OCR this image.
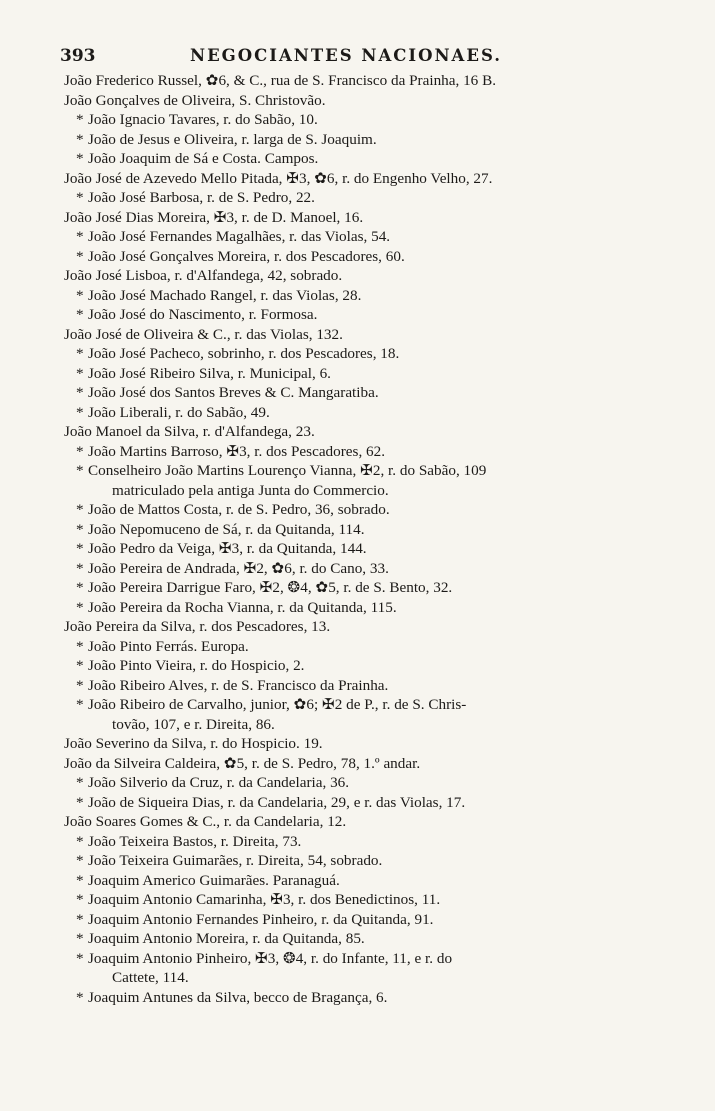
393	NEGOCIANTES NACIONAES.
João Frederico Russel, ✿6, & C., rua de S. Francisco da Prainha, 16 B.
João Gonçalves de Oliveira, S. Christovão.
* João Ignacio Tavares, r. do Sabão, 10.
* João de Jesus e Oliveira, r. larga de S. Joaquim.
* João Joaquim de Sá e Costa. Campos.
João José de Azevedo Mello Pitada, ✠3, ✿6, r. do Engenho Velho, 27.
* João José Barbosa, r. de S. Pedro, 22.
João José Dias Moreira, ✠3, r. de D. Manoel, 16.
* João José Fernandes Magalhães, r. das Violas, 54.
* João José Gonçalves Moreira, r. dos Pescadores, 60.
João José Lisboa, r. d'Alfandega, 42, sobrado.
* João José Machado Rangel, r. das Violas, 28.
* João José do Nascimento, r. Formosa.
João José de Oliveira & C., r. das Violas, 132.
* João José Pacheco, sobrinho, r. dos Pescadores, 18.
* João José Ribeiro Silva, r. Municipal, 6.
* João José dos Santos Breves & C. Mangaratiba.
* João Liberali, r. do Sabão, 49.
João Manoel da Silva, r. d'Alfandega, 23.
* João Martins Barroso, ✠3, r. dos Pescadores, 62.
* Conselheiro João Martins Lourenço Vianna, ✠2, r. do Sabão, 109
matriculado pela antiga Junta do Commercio.
* João de Mattos Costa, r. de S. Pedro, 36, sobrado.
* João Nepomuceno de Sá, r. da Quitanda, 114.
* João Pedro da Veiga, ✠3, r. da Quitanda, 144.
* João Pereira de Andrada, ✠2, ✿6, r. do Cano, 33.
* João Pereira Darrigue Faro, ✠2, ❂4, ✿5, r. de S. Bento, 32.
* João Pereira da Rocha Vianna, r. da Quitanda, 115.
João Pereira da Silva, r. dos Pescadores, 13.
* João Pinto Ferrás. Europa.
* João Pinto Vieira, r. do Hospicio, 2.
* João Ribeiro Alves, r. de S. Francisco da Prainha.
* João Ribeiro de Carvalho, junior, ✿6; ✠2 de P., r. de S. Chris-
tovão, 107, e r. Direita, 86.
João Severino da Silva, r. do Hospicio. 19.
João da Silveira Caldeira, ✿5, r. de S. Pedro, 78, 1.º andar.
* João Silverio da Cruz, r. da Candelaria, 36.
* João de Siqueira Dias, r. da Candelaria, 29, e r. das Violas, 17.
João Soares Gomes & C., r. da Candelaria, 12.
* João Teixeira Bastos, r. Direita, 73.
* João Teixeira Guimarães, r. Direita, 54, sobrado.
* Joaquim Americo Guimarães. Paranaguá.
* Joaquim Antonio Camarinha, ✠3, r. dos Benedictinos, 11.
* Joaquim Antonio Fernandes Pinheiro, r. da Quitanda, 91.
* Joaquim Antonio Moreira, r. da Quitanda, 85.
* Joaquim Antonio Pinheiro, ✠3, ❂4, r. do Infante, 11, e r. do
Cattete, 114.
* Joaquim Antunes da Silva, becco de Bragança, 6.
